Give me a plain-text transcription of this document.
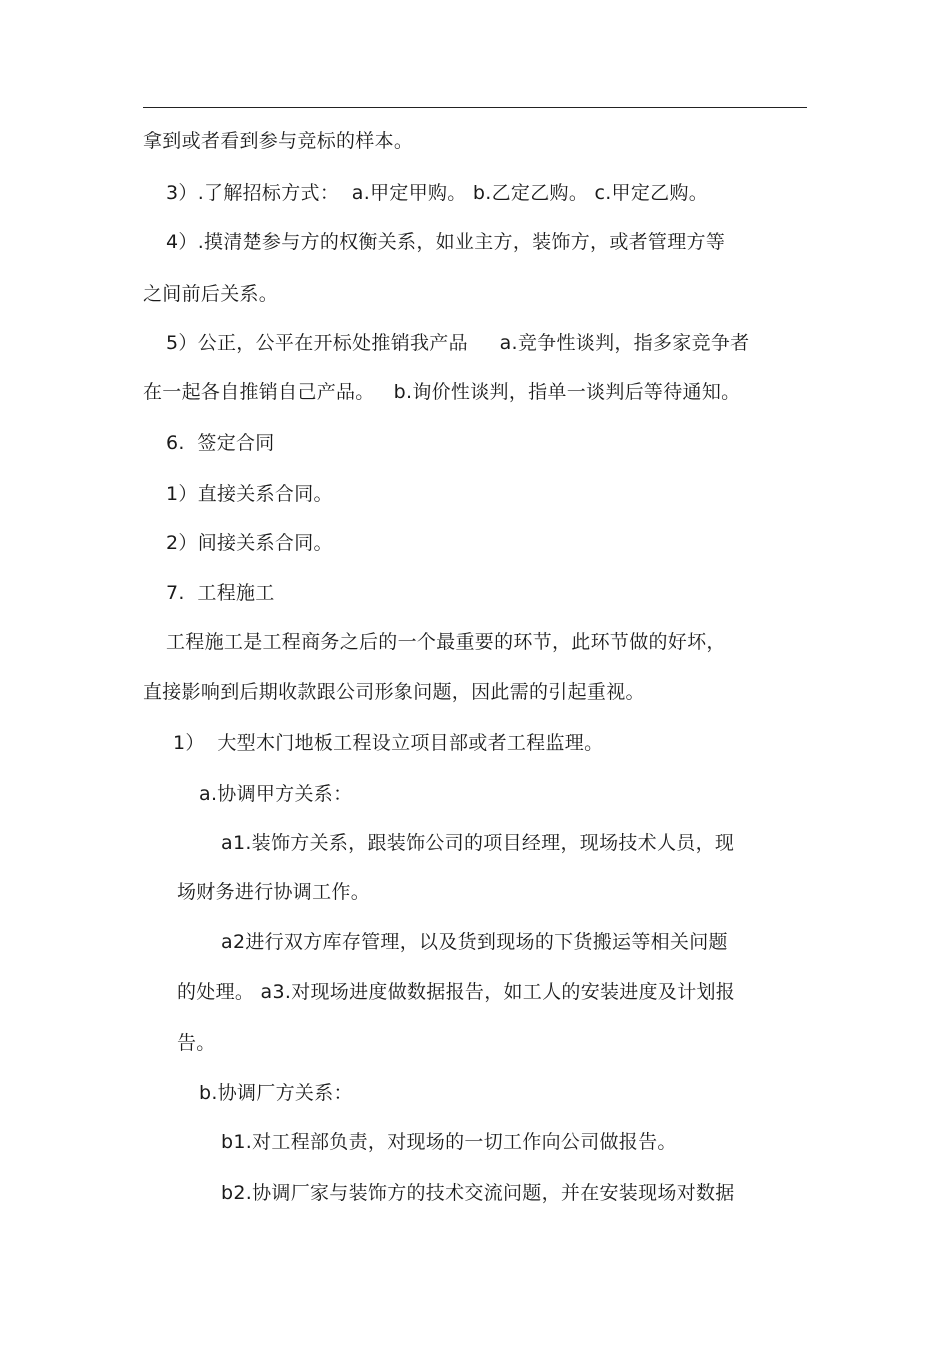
拿到或者看到参与竞标的样本。
3）.了解招标方式：  a.甲定甲购。 b.乙定乙购。 c.甲定乙购。
4）.摸清楚参与方的权衡关系，如业主方，装饰方，或者管理方等
之间前后关系。
5）公正，公平在开标处推销我产品     a.竞争性谈判，指多家竞争者
在一起各自推销自己产品。   b.询价性谈判，指单一谈判后等待通知。
6.  签定合同
1）直接关系合同。
2）间接关系合同。
7.  工程施工
工程施工是工程商务之后的一个最重要的环节，此环节做的好坏，
直接影响到后期收款跟公司形象问题，因此需的引起重视。
1）  大型木门地板工程设立项目部或者工程监理。
a.协调甲方关系：
a1.装饰方关系，跟装饰公司的项目经理，现场技术人员，现
场财务进行协调工作。
a2进行双方库存管理，以及货到现场的下货搬运等相关问题
的处理。 a3.对现场进度做数据报告，如工人的安装进度及计划报
告。
b.协调厂方关系：
b1.对工程部负责，对现场的一切工作向公司做报告。
b2.协调厂家与装饰方的技术交流问题，并在安装现场对数据
